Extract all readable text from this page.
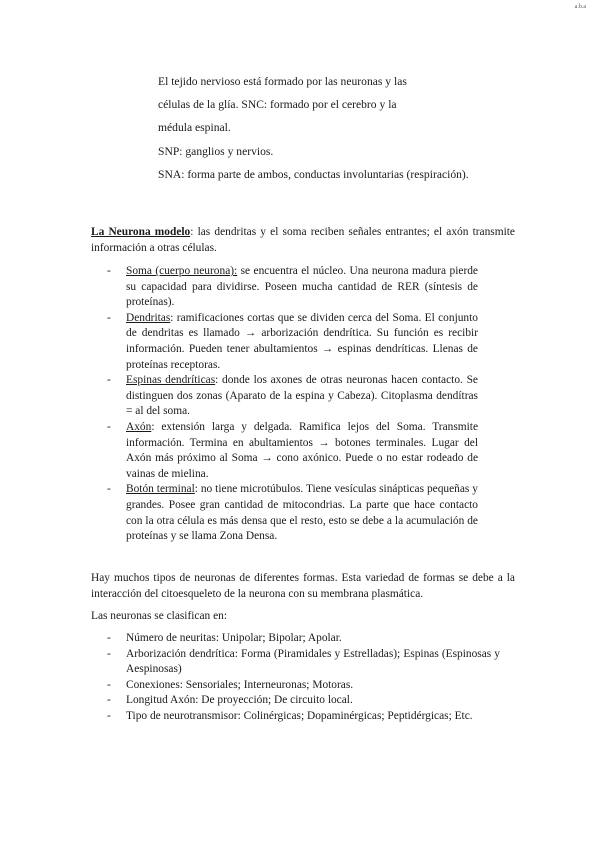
a.b.a

El tejido nervioso está formado por las neuronas y las

células de la glía. SNC: formado por el cerebro y la

médula espinal.

SNP: ganglios y nervios.

SNA: forma parte de ambos, conductas involuntarias (respiración).

La Neurona modelo: las dendritas y el soma reciben señales entrantes; el axón transmite información a otras células.
- Soma (cuerpo neurona): se encuentra el núcleo. Una neurona madura pierde su capacidad para dividirse. Poseen mucha cantidad de RER (síntesis de proteínas).
- Dendritas: ramificaciones cortas que se dividen cerca del Soma. El conjunto de dendritas es llamado → arborización dendrítica. Su función es recibir información. Pueden tener abultamientos → espinas dendríticas. Llenas de proteínas receptoras.
- Espinas dendríticas: donde los axones de otras neuronas hacen contacto. Se distinguen dos zonas (Aparato de la espina y Cabeza). Citoplasma dendítras = al del soma.
- Axón: extensión larga y delgada. Ramifica lejos del Soma. Transmite información. Termina en abultamientos → botones terminales. Lugar del Axón más próximo al Soma → cono axónico. Puede o no estar rodeado de vainas de mielina.
- Botón terminal: no tiene microtúbulos. Tiene vesículas sinápticas pequeñas y grandes. Posee gran cantidad de mitocondrias. La parte que hace contacto con la otra célula es más densa que el resto, esto se debe a la acumulación de proteínas y se llama Zona Densa.
Hay muchos tipos de neuronas de diferentes formas. Esta variedad de formas se debe a la interacción del citoesqueleto de la neurona con su membrana plasmática.
Las neuronas se clasifican en:
- Número de neuritas: Unipolar; Bipolar; Apolar.
- Arborización dendrítica: Forma (Piramidales y Estrelladas); Espinas (Espinosas y Aespinosas)
- Conexiones: Sensoriales; Interneuronas; Motoras.
- Longitud Axón: De proyección; De circuito local.
- Tipo de neurotransmisor: Colinérgicas; Dopaminérgicas; Peptidérgicas; Etc.
